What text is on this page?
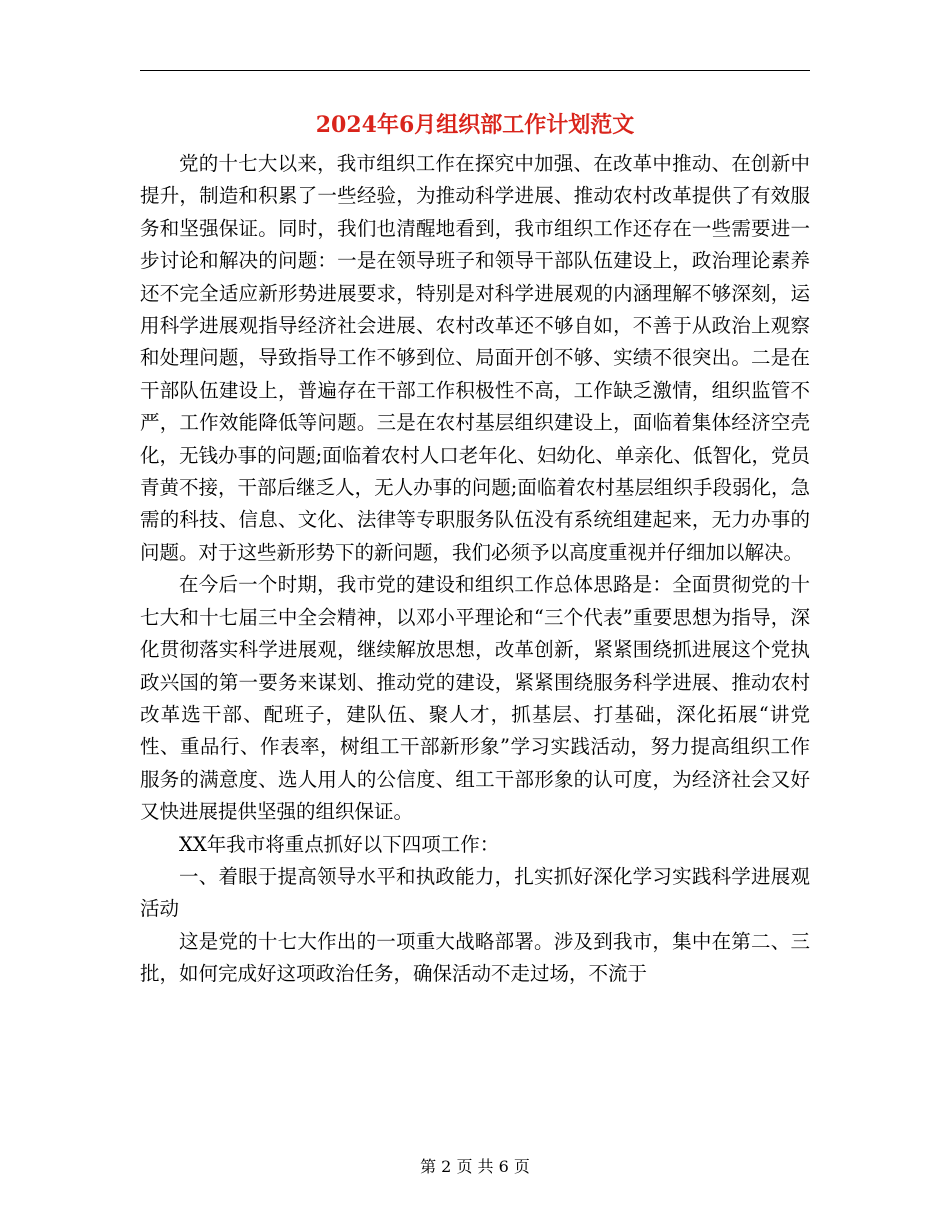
2024年6月组织部工作计划范文

党的十七大以来，我市组织工作在探究中加强、在改革中推动、在创新中提升，制造和积累了一些经验，为推动科学进展、推动农村改革提供了有效服务和坚强保证。同时，我们也清醒地看到，我市组织工作还存在一些需要进一步讨论和解决的问题：一是在领导班子和领导干部队伍建设上，政治理论素养还不完全适应新形势进展要求，特别是对科学进展观的内涵理解不够深刻，运用科学进展观指导经济社会进展、农村改革还不够自如，不善于从政治上观察和处理问题，导致指导工作不够到位、局面开创不够、实绩不很突出。二是在干部队伍建设上，普遍存在干部工作积极性不高，工作缺乏激情，组织监管不严，工作效能降低等问题。三是在农村基层组织建设上，面临着集体经济空壳化，无钱办事的问题;面临着农村人口老年化、妇幼化、单亲化、低智化，党员青黄不接，干部后继乏人，无人办事的问题;面临着农村基层组织手段弱化，急需的科技、信息、文化、法律等专职服务队伍没有系统组建起来，无力办事的问题。对于这些新形势下的新问题，我们必须予以高度重视并仔细加以解决。

在今后一个时期，我市党的建设和组织工作总体思路是：全面贯彻党的十七大和十七届三中全会精神，以邓小平理论和“三个代表”重要思想为指导，深化贯彻落实科学进展观，继续解放思想，改革创新，紧紧围绕抓进展这个党执政兴国的第一要务来谋划、推动党的建设，紧紧围绕服务科学进展、推动农村改革选干部、配班子，建队伍、聚人才，抓基层、打基础，深化拓展“讲党性、重品行、作表率，树组工干部新形象”学习实践活动，努力提高组织工作服务的满意度、选人用人的公信度、组工干部形象的认可度，为经济社会又好又快进展提供坚强的组织保证。

XX年我市将重点抓好以下四项工作：

一、着眼于提高领导水平和执政能力，扎实抓好深化学习实践科学进展观活动

这是党的十七大作出的一项重大战略部署。涉及到我市，集中在第二、三批，如何完成好这项政治任务，确保活动不走过场，不流于

第 2 页 共 6 页
